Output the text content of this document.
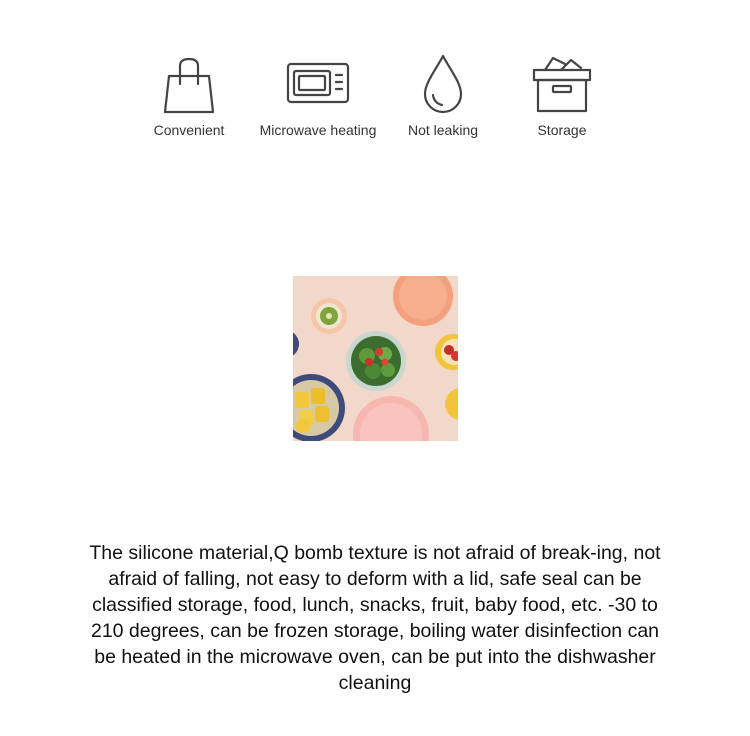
Convenient	Microwave heating Not leaking	Storage
The silicone material,Q bomb texture is not afraid of break-ing, not afraid of falling, not easy to deform with a lid, safe seal can be classified storage, food, lunch, snacks, fruit, baby food, etc. -30 to 210 degrees, can be frozen storage, boiling water disinfection can be heated in the microwave oven, can be put into the dishwasher cleaning
